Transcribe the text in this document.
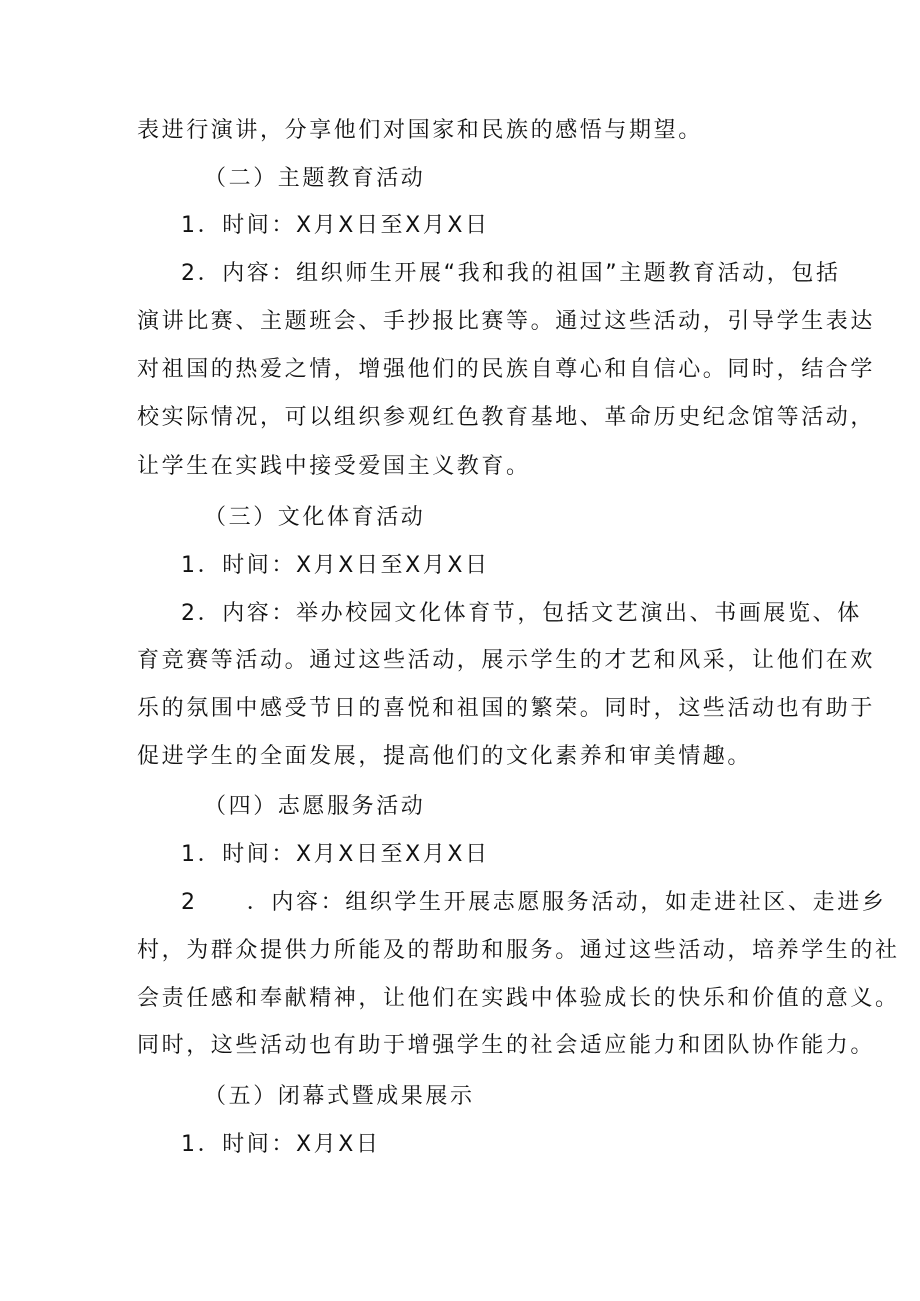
表进行演讲，分享他们对国家和民族的感悟与期望。
（二）主题教育活动
1．时间：X月X日至X月X日
2．内容：组织师生开展“我和我的祖国”主题教育活动，包括
演讲比赛、主题班会、手抄报比赛等。通过这些活动，引导学生表达
对祖国的热爱之情，增强他们的民族自尊心和自信心。同时，结合学
校实际情况，可以组织参观红色教育基地、革命历史纪念馆等活动，
让学生在实践中接受爱国主义教育。
（三）文化体育活动
1．时间：X月X日至X月X日
2．内容：举办校园文化体育节，包括文艺演出、书画展览、体
育竞赛等活动。通过这些活动，展示学生的才艺和风采，让他们在欢
乐的氛围中感受节日的喜悦和祖国的繁荣。同时，这些活动也有助于
促进学生的全面发展，提高他们的文化素养和审美情趣。
（四）志愿服务活动
1．时间：X月X日至X月X日
2　　．内容：组织学生开展志愿服务活动，如走进社区、走进乡
村，为群众提供力所能及的帮助和服务。通过这些活动，培养学生的社
会责任感和奉献精神，让他们在实践中体验成长的快乐和价值的意义。
同时，这些活动也有助于增强学生的社会适应能力和团队协作能力。
（五）闭幕式暨成果展示
1．时间：X月X日
